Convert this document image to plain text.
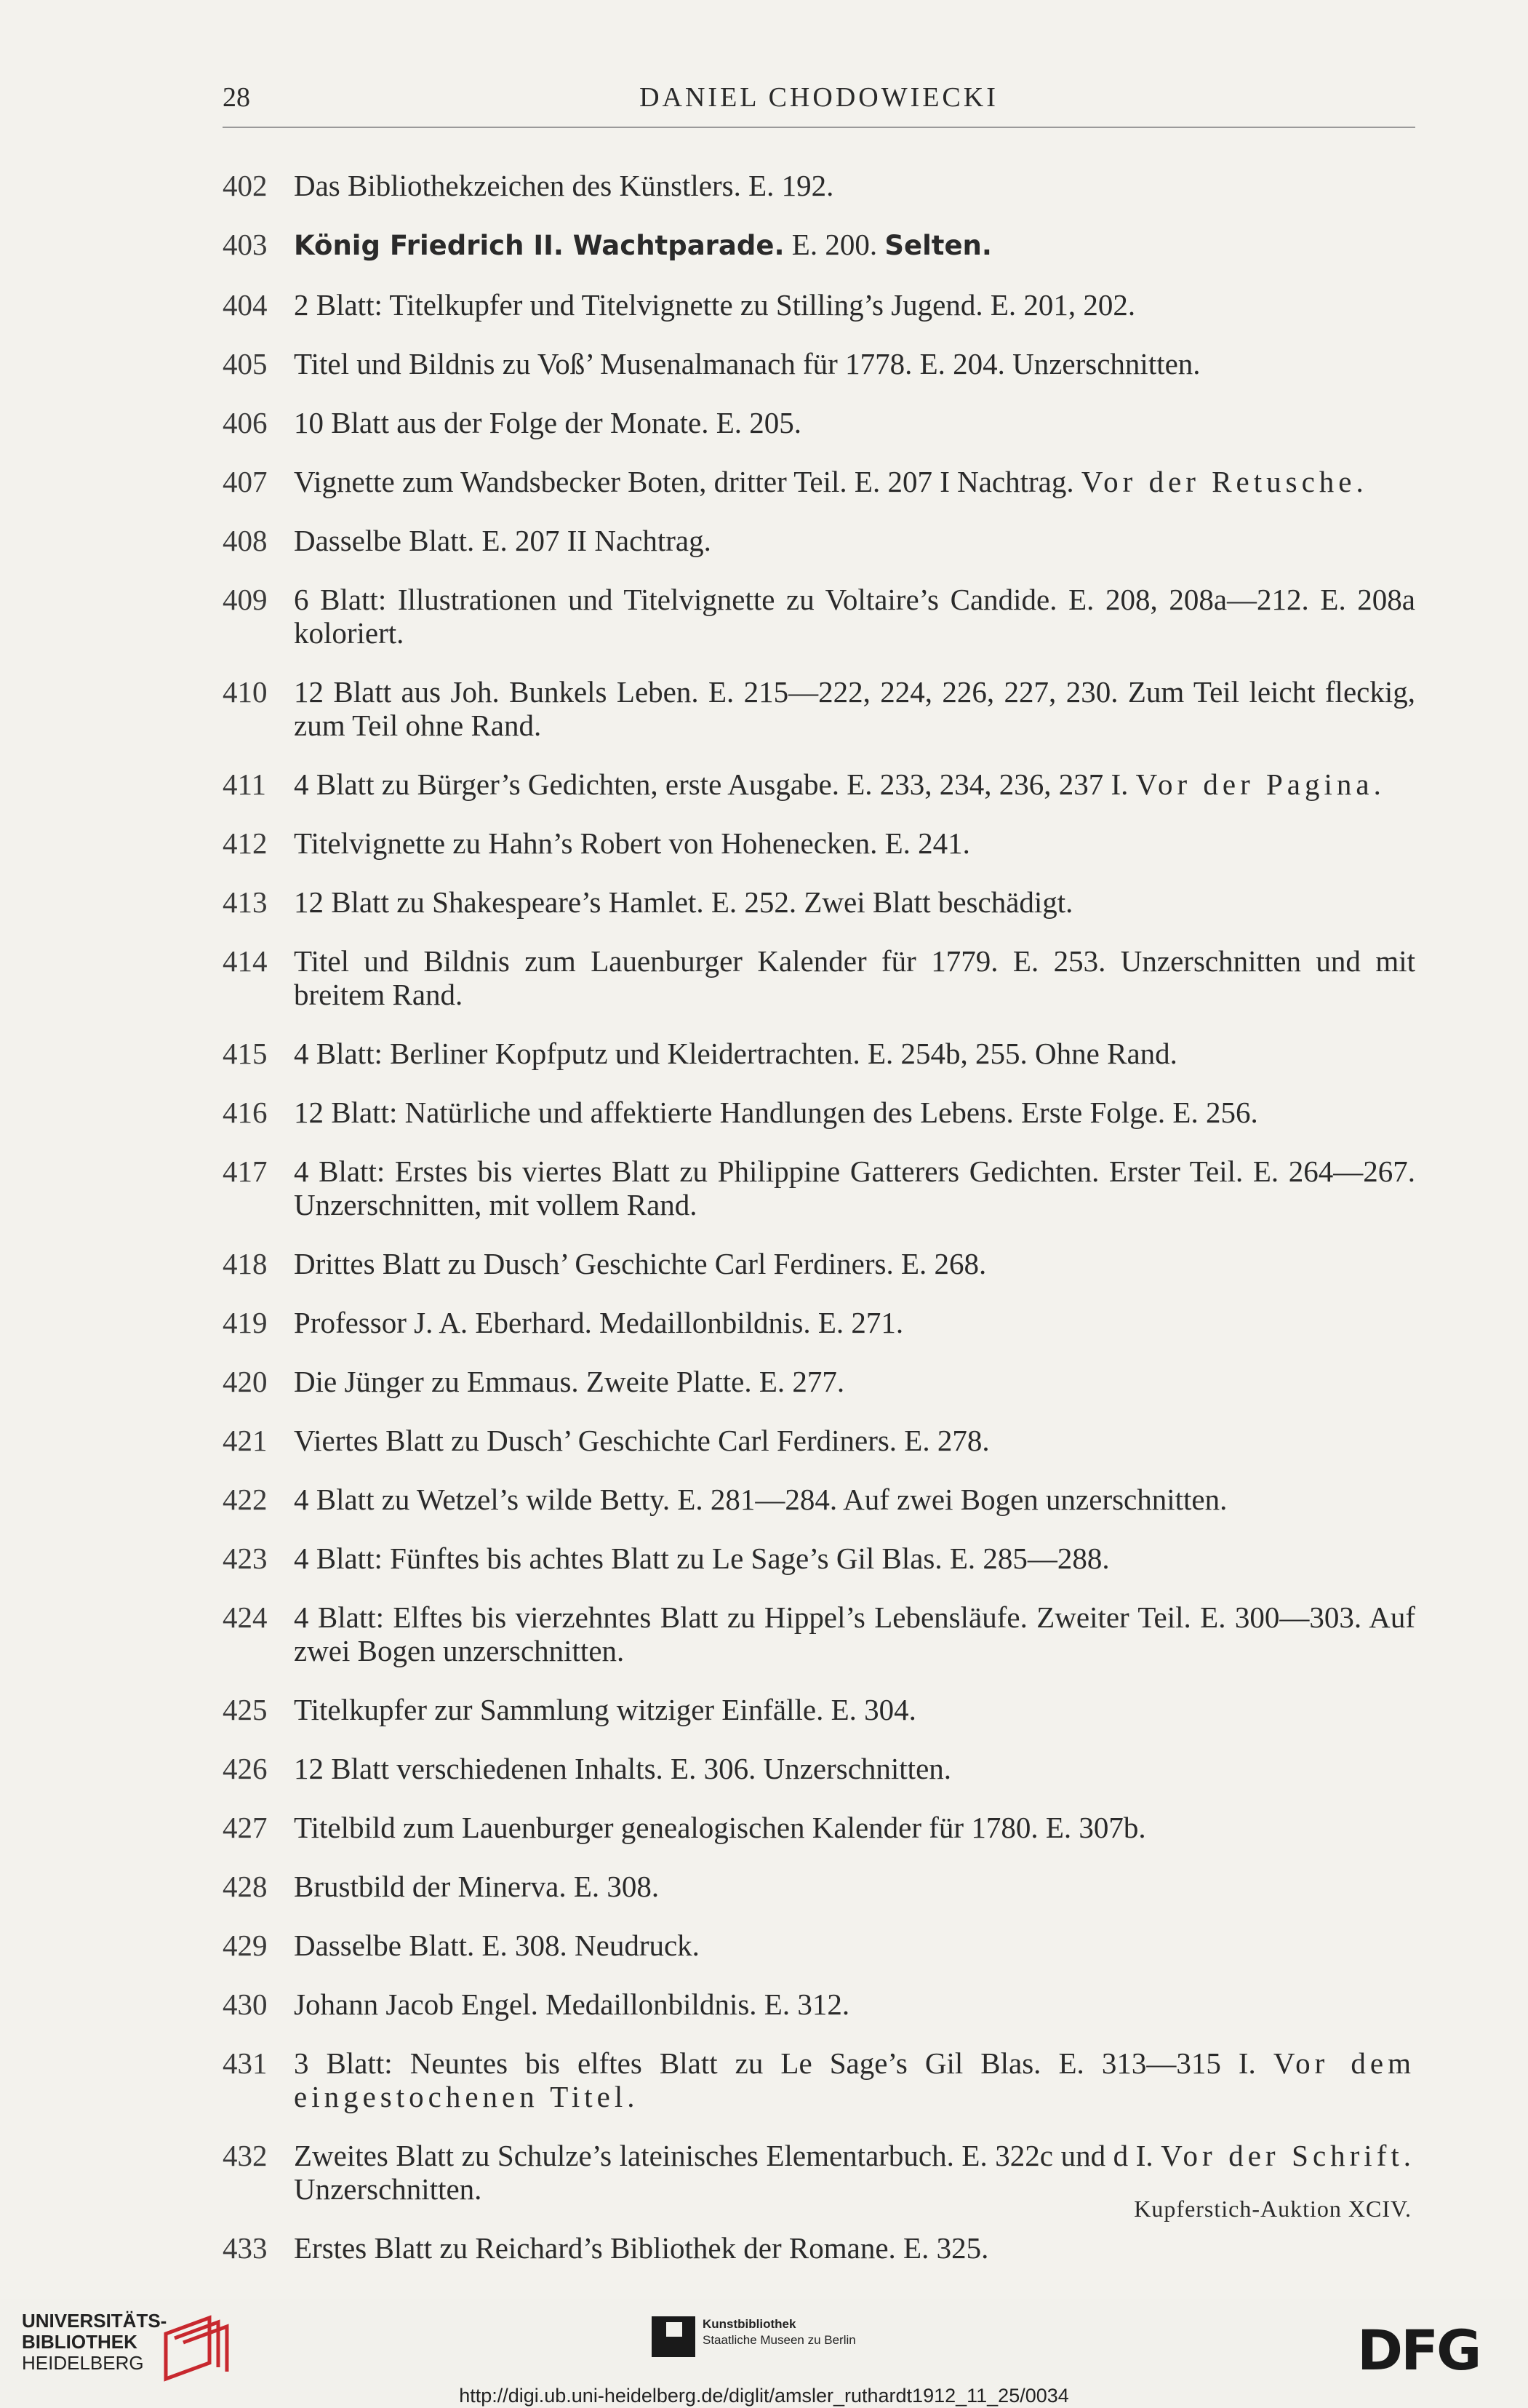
28	DANIEL CHODOWIECKI
402 Das Bibliothekzeichen des Künstlers. E. 192.
403 König Friedrich II. Wachtparade. E. 200. Selten.
404 2 Blatt: Titelkupfer und Titelvignette zu Stilling’s Jugend. E. 201, 202.
405 Titel und Bildnis zu Voß’ Musenalmanach für 1778. E. 204. Unzerschnitten.
406 10 Blatt aus der Folge der Monate. E. 205.
407 Vignette zum Wandsbecker Boten, dritter Teil. E. 207 I Nachtrag. Vor der Retusche.
408 Dasselbe Blatt. E. 207 II Nachtrag.
409 6 Blatt: Illustrationen und Titelvignette zu Voltaire’s Candide. E. 208, 208a—212. E. 208a koloriert.
410 12 Blatt aus Joh. Bunkels Leben. E. 215—222, 224, 226, 227, 230. Zum Teil leicht fleckig, zum Teil ohne Rand.
411 4 Blatt zu Bürger’s Gedichten, erste Ausgabe. E. 233, 234, 236, 237 I. Vor der Pagina.
412 Titelvignette zu Hahn’s Robert von Hohenecken. E. 241.
413 12 Blatt zu Shakespeare’s Hamlet. E. 252. Zwei Blatt beschädigt.
414 Titel und Bildnis zum Lauenburger Kalender für 1779. E. 253. Unzerschnitten und mit breitem Rand.
415 4 Blatt: Berliner Kopfputz und Kleidertrachten. E. 254b, 255. Ohne Rand.
416 12 Blatt: Natürliche und affektierte Handlungen des Lebens. Erste Folge. E. 256.
417 4 Blatt: Erstes bis viertes Blatt zu Philippine Gatterers Gedichten. Erster Teil. E. 264—267. Unzerschnitten, mit vollem Rand.
418 Drittes Blatt zu Dusch’ Geschichte Carl Ferdiners. E. 268.
419 Professor J. A. Eberhard. Medaillonbildnis. E. 271.
420 Die Jünger zu Emmaus. Zweite Platte. E. 277.
421 Viertes Blatt zu Dusch’ Geschichte Carl Ferdiners. E. 278.
422 4 Blatt zu Wetzel’s wilde Betty. E. 281—284. Auf zwei Bogen unzerschnitten.
423 4 Blatt: Fünftes bis achtes Blatt zu Le Sage’s Gil Blas. E. 285—288.
424 4 Blatt: Elftes bis vierzehntes Blatt zu Hippel’s Lebensläufe. Zweiter Teil. E. 300—303. Auf zwei Bogen unzerschnitten.
425 Titelkupfer zur Sammlung witziger Einfälle. E. 304.
426 12 Blatt verschiedenen Inhalts. E. 306. Unzerschnitten.
427 Titelbild zum Lauenburger genealogischen Kalender für 1780. E. 307b.
428 Brustbild der Minerva. E. 308.
429 Dasselbe Blatt. E. 308. Neudruck.
430 Johann Jacob Engel. Medaillonbildnis. E. 312.
431 3 Blatt: Neuntes bis elftes Blatt zu Le Sage’s Gil Blas. E. 313—315 I. Vor dem eingestochenen Titel.
432 Zweites Blatt zu Schulze’s lateinisches Elementarbuch. E. 322c und d I. Vor der Schrift. Unzerschnitten.
433 Erstes Blatt zu Reichard’s Bibliothek der Romane. E. 325.
Kupferstich-Auktion XCIV.
UNIVERSITÄTS-
BIBLIOTHEK
HEIDELBERG
Kunstbibliothek
Staatliche Museen zu Berlin	DFG
http://digi.ub.uni-heidelberg.de/diglit/amsler_ruthardt1912_11_25/0034
